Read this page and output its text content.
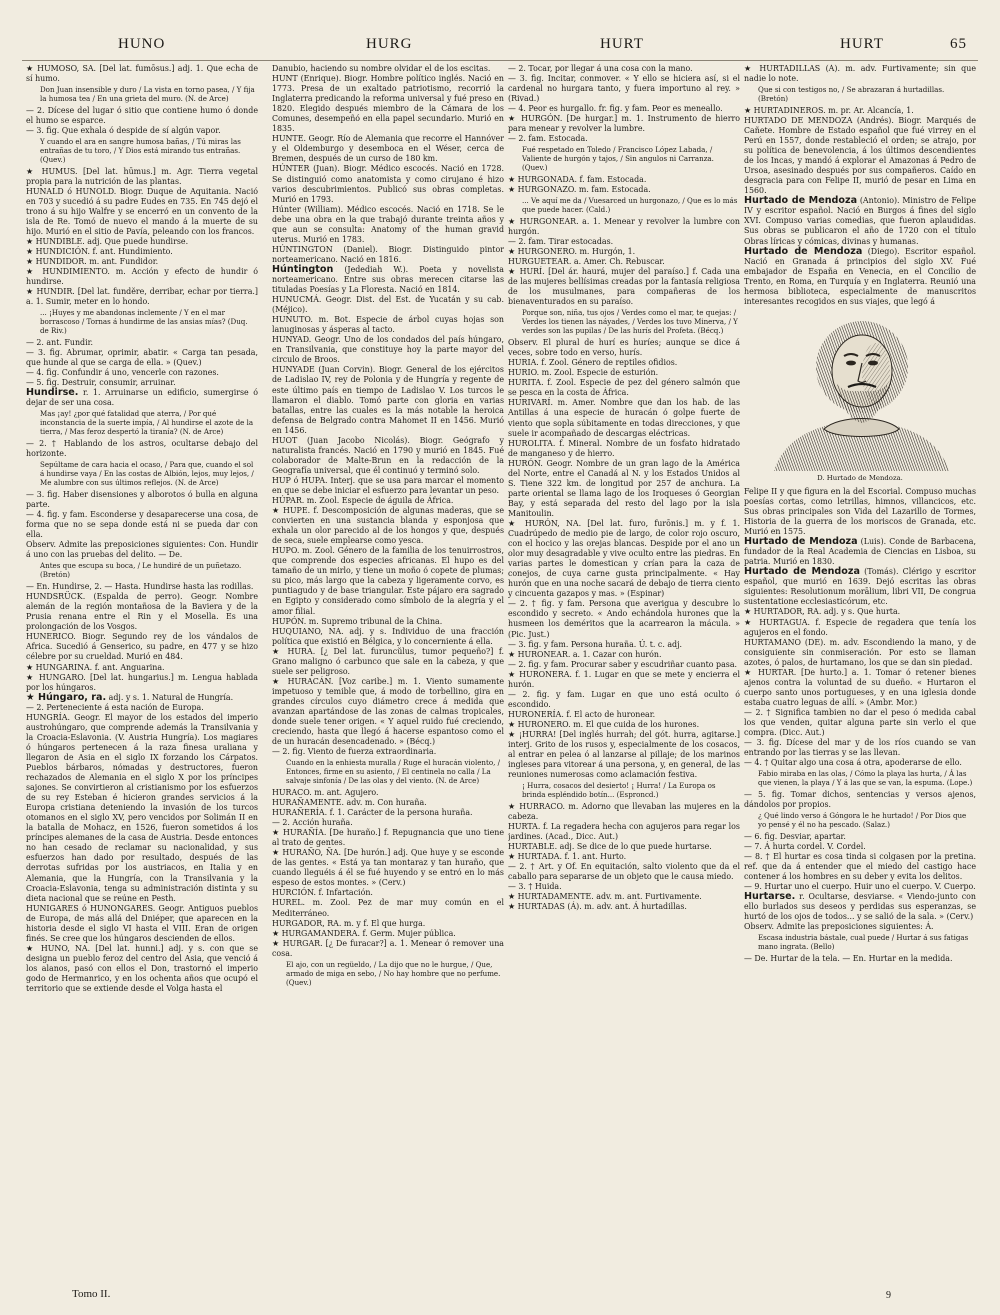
HUNO	HURG	HURT	HURT	65

★ HUMOSO, SA. [Del lat. fumōsus.] adj. 1. Que echa de sí humo.

Don Juan insensible y duro / La vista en torno pasea, / Y fija la humosa tea / En una grieta del muro. (N. de Arce)

— 2. Dícese del lugar ó sitio que contiene humo ó donde el humo se esparce.

— 3. fig. Que exhala ó despide de sí algún vapor.

Y cuando el ara en sangre humosa bañas, / Tú miras las entrañas de tu toro, / Y Dios está mirando tus entrañas. (Quev.)

★ HUMUS. [Del lat. hūmus.] m. Agr. Tierra vegetal propia para la nutrición de las plantas.

HUNALD ó HUNOLD. Biogr. Duque de Aquitania. Nació en 703 y sucedió á su padre Eudes en 735. En 745 dejó el trono á su hijo Walfre y se encerró en un convento de la isla de Re. Tomó de nuevo el mando á la muerte de su hijo. Murió en el sitio de Pavía, peleando con los francos.

★ HUNDIBLE. adj. Que puede hundirse.

★ HUNDICIÓN. f. ant. Hundimiento.

★ HUNDIDOR. m. ant. Fundidor.

★ HUNDIMIENTO. m. Acción y efecto de hundir ó hundirse.

★ HUNDIR. [Del lat. fundĕre, derribar, echar por tierra.] a. 1. Sumir, meter en lo hondo.

... ¡Huyes y me abandonas inclemente / Y en el mar borrascoso / Tornas á hundirme de las ansias mías? (Duq. de Riv.)

— 2. ant. Fundir.

— 3. fig. Abrumar, oprimir, abatir. « Carga tan pesada, que hunde al que se carga de ella. » (Quev.)

— 4. fig. Confundir á uno, vencerle con razones.

— 5. fig. Destruir, consumir, arruinar.

Hundirse. r. 1. Arruinarse un edificio, sumergirse ó dejar de ser una cosa.

Mas ¡ay! ¿por qué fatalidad que aterra, / Por qué inconstancia de la suerte impía, / Al hundirse el azote de la tierra, / Mas feroz despertó la tiranía? (N. de Arce)

— 2. † Hablando de los astros, ocultarse debajo del horizonte.

Sepúltame de cara hacia el ocaso, / Para que, cuando el sol á hundirse vaya / En las costas de Albión, lejos, muy lejos, / Me alumbre con sus últimos reflejos. (N. de Arce)

— 3. fig. Haber disensiones y alborotos ó bulla en alguna parte.

— 4. fig. y fam. Esconderse y desaparecerse una cosa, de forma que no se sepa donde está ni se pueda dar con ella.

Observ. Admite las preposiciones siguientes: Con. Hundir á uno con las pruebas del delito. — De.

Antes que escupa su boca, / Le hundiré de un puñetazo. (Bretón)

— En. Hundirse, 2. — Hasta. Hundirse hasta las rodillas.

HUNDSRÜCK. (Espalda de perro). Geogr. Nombre alemán de la región montañosa de la Baviera y de la Prusia renana entre el Rin y el Mosella. Es una prolongación de los Vosgos.

HUNERICO. Biogr. Segundo rey de los vándalos de Africa. Sucedió á Genserico, su padre, en 477 y se hizo célebre por su crueldad. Murió en 484.

★ HUNGARINA. f. ant. Anguarina.

★ HUNGARO. [Del lat. hungarius.] m. Lengua hablada por los húngaros.

★ Húngaro, ra. adj. y s. 1. Natural de Hungría.

— 2. Perteneciente á esta nación de Europa.

HUNGRÍA. Geogr. El mayor de los estados del imperio austrohúngaro, que comprende además la Transilvania y la Croacia-Eslavonia. (V. Austria Hungría). Los magiares ó húngaros pertenecen á la raza finesa uraliana y llegaron de Asia en el siglo IX forzando los Cárpatos. Pueblos bárbaros, nómadas y destructores, fueron rechazados de Alemania en el siglo X por los príncipes sajones. Se convirtieron al cristianismo por los esfuerzos de su rey Esteban é hicieron grandes servicios á la Europa cristiana deteniendo la invasión de los turcos otomanos en el siglo XV, pero vencidos por Solimán II en la batalla de Mohacz, en 1526, fueron sometidos á los príncipes alemanes de la casa de Austria. Desde entonces no han cesado de reclamar su nacionalidad, y sus esfuerzos han dado por resultado, después de las derrotas sufridas por los austriacos, en Italia y en Alemania, que la Hungría, con la Transilvania y la Croacia-Eslavonia, tenga su administración distinta y su dieta nacional que se reúne en Pesth.

HUNIGARES ó HUNONGARES. Geogr. Antiguos pueblos de Europa, de más allá del Dniéper, que aparecen en la historia desde el siglo VI hasta el VIII. Eran de origen finés. Se cree que los húngaros descienden de ellos.

★ HUNO, NA. [Del lat. hunni.] adj. y s. con que se designa un pueblo feroz del centro del Asia, que venció á los alanos, pasó con ellos el Don, trastornó el imperio godo de Hermanrico, y en los ochenta años que ocupó el territorio que se extiende desde el Volga hasta el

Danubio, haciendo su nombre olvidar el de los escitas.

HUNT (Enrique). Biogr. Hombre político inglés. Nació en 1773. Presa de un exaltado patriotismo, recorrió la Inglaterra predicando la reforma universal y fué preso en 1820. Elegido después miembro de la Cámara de los Comunes, desempeñó en ella papel secundario. Murió en 1835.

HUNTE. Geogr. Río de Alemania que recorre el Hannóver y el Oldemburgo y desemboca en el Wéser, cerca de Bremen, después de un curso de 180 km.

HÚNTER (Juan). Biogr. Médico escocés. Nació en 1728. Se distinguió como anatomista y como cirujano é hizo varios descubrimientos. Publicó sus obras completas. Murió en 1793.

Húnter (William). Médico escocés. Nació en 1718. Se le debe una obra en la que trabajó durante treinta años y que aun se consulta: Anatomy of the human gravid uterus. Murió en 1783.

HÚNTINGTON (Daniel). Biogr. Distinguido pintor norteamericano. Nació en 1816.

Húntington (Jedediah W.). Poeta y novelista norteamericano. Entre sus obras merecen citarse las tituladas Poesías y La Floresta. Nació en 1814.

HUNUCMÁ. Geogr. Dist. del Est. de Yucatán y su cab. (Méjico).

HUNUTO. m. Bot. Especie de árbol cuyas hojas son lanuginosas y ásperas al tacto.

HUNYAD. Geogr. Uno de los condados del país húngaro, en Transilvania, que constituye hoy la parte mayor del circulo de Broos.

HUNYADE (Juan Corvin). Biogr. General de los ejércitos de Ladislao IV, rey de Polonia y de Hungría y regente de este último país en tiempo de Ladislao V. Los turcos le llamaron el diablo. Tomó parte con gloria en varias batallas, entre las cuales es la más notable la heroica defensa de Belgrado contra Mahomet II en 1456. Murió en 1456.

HUOT (Juan Jacobo Nicolás). Biogr. Geógrafo y naturalista francés. Nació en 1790 y murió en 1845. Fué colaborador de Malte-Brun en la redacción de la Geografía universal, que él continuó y terminó solo.

HUP ó HUPA. Interj. que se usa para marcar el momento en que se debe iniciar el esfuerzo para levantar un peso.

HÚPAR. m. Zool. Especie de águila de África.

★ HUPE. f. Descomposición de algunas maderas, que se convierten en una sustancia blanda y esponjosa que exhala un olor parecido al de los hongos y que, después de seca, suele emplearse como yesca.

HUPO. m. Zool. Género de la familia de los tenuirrostros, que comprende dos especies africanas. El hupo es del tamaño de un mirlo, y tiene un moño ó copete de plumas; su pico, más largo que la cabeza y ligeramente corvo, es puntiagudo y de base triangular. Este pájaro era sagrado en Egipto y considerado como símbolo de la alegría y el amor filial.

HUPÓN. m. Supremo tribunal de la China.

HUQUIANO, NA. adj. y s. Individuo de una fracción política que existió en Bélgica, y lo concerniente á ella.

★ HURA. [¿ Del lat. furuncŭlus, tumor pequeño?] f. Grano maligno ó carbunco que sale en la cabeza, y que suele ser peligroso.

★ HURACÁN. [Voz caribe.] m. 1. Viento sumamente impetuoso y temible que, á modo de torbellino, gira en grandes círculos cuyo diámetro crece á medida que avanzan apartándose de las zonas de calmas tropicales, donde suele tener origen. « Y aquel ruido fué creciendo, creciendo, hasta que llegó á hacerse espantoso como el de un huracán desencadenado. » (Bécq.)

— 2. fig. Viento de fuerza extraordinaria.

Cuando en la enhiesta muralla / Ruge el huracán violento, / Entonces, firme en su asiento, / El centinela no calla / La salvaje sinfonía / De las olas y del viento. (N. de Arce)

HURACO. m. ant. Agujero.

HURAÑAMENTE. adv. m. Con huraña.

HURAÑERÍA. f. 1. Carácter de la persona huraña.

— 2. Acción huraña.

★ HURAÑÍA. [De huraño.] f. Repugnancia que uno tiene al trato de gentes.

★ HURAÑO, ÑA. [De hurón.] adj. Que huye y se esconde de las gentes. « Está ya tan montaraz y tan huraño, que cuando lleguéis á él se fué huyendo y se entró en lo más espeso de estos montes. » (Cerv.)

HURCIÓN. f. Infartación.

HUREL. m. Zool. Pez de mar muy común en el Mediterráneo.

HURGADOR, RA. m. y f. El que hurga.

★ HURGAMANDERA. f. Germ. Mujer pública.

★ HURGAR. [¿ De furacar?] a. 1. Menear ó remover una cosa.

El ajo, con un regüeldo, / La dijo que no le hurgue, / Que, armado de miga en sebo, / No hay hombre que no perfume. (Quev.)

— 2. Tocar, por llegar á una cosa con la mano.

— 3. fig. Incitar, conmover. « Y ello se hiciera así, si el cardenal no hurgara tanto, y fuera importuno al rey. » (Rivad.)

— 4. Peor es hurgallo. fr. fig. y fam. Peor es meneallo.

★ HURGÓN. [De hurgar.] m. 1. Instrumento de hierro para menear y revolver la lumbre.

— 2. fam. Estocada.

Fué respetado en Toledo / Francisco López Labada, / Valiente de hurgón y tajos, / Sin angulos ni Carranza. (Quev.)

★ HURGONADA. f. fam. Estocada.

★ HURGONAZO. m. fam. Estocada.

... Ve aquí me da / Vuesarced un hurgonazo, / Que es lo más que puede hacer. (Cald.)

★ HURGONEAR. a. 1. Menear y revolver la lumbre con hurgón.

— 2. fam. Tirar estocadas.

★ HURGONERO. m. Hurgón, 1.

HURGUETEAR. a. Amer. Ch. Rebuscar.

★ HURÍ. [Del ár. haurá, mujer del paraíso.] f. Cada una de las mujeres bellísimas creadas por la fantasía religiosa de los musulmanes, para compañeras de los bienaventurados en su paraíso.

Porque son, niña, tus ojos / Verdes como el mar, te quejas: / Verdes los tienen las náyades, / Verdes los tuvo Minerva, / Y verdes son las pupilas / De las hurís del Profeta. (Bécq.)

Observ. El plural de hurí es huríes; aunque se dice á veces, sobre todo en verso, hurís.

HURIA. f. Zool. Género de reptiles ofidios.

HURIO. m. Zool. Especie de esturión.

HURITA. f. Zool. Especie de pez del género salmón que se pesca en la costa de África.

HURIVARÍ. m. Amer. Nombre que dan los hab. de las Antillas á una especie de huracán ó golpe fuerte de viento que sopla súbitamente en todas direcciones, y que suele ir acompañado de descargas eléctricas.

HUROLITA. f. Mineral. Nombre de un fosfato hidratado de manganeso y de hierro.

HURÓN. Geogr. Nombre de un gran lago de la América del Norte, entre el Canadá al N. y los Estados Unidos al S. Tiene 322 km. de longitud por 257 de anchura. La parte oriental se llama lago de los Iroqueses ó Georgian Bay, y está separada del resto del lago por la isla Manitoulin.

★ HURÓN, NA. [Del lat. furo, furōnis.] m. y f. 1. Cuadrúpedo de medio pie de largo, de color rojo oscuro, con el hocico y las orejas blancas. Despide por el ano un olor muy desagradable y vive oculto entre las piedras. En varias partes le domestican y crían para la caza de conejos, de cuya carne gusta principalmente. « Hay hurón que en una noche sacará de debajo de tierra ciento y cincuenta gazapos y mas. » (Espinar)

— 2. † fig. y fam. Persona que averigua y descubre lo escondido y secreto. « Ando echándola hurones que la husmeen los deméritos que la acarrearon la mácula. » (Pic. Just.)

— 3. fig. y fam. Persona huraña. Ú. t. c. adj.

★ HURONEAR. a. 1. Cazar con hurón.

— 2. fig. y fam. Procurar saber y escudriñar cuanto pasa.

★ HURONERA. f. 1. Lugar en que se mete y encierra el hurón.

— 2. fig. y fam. Lugar en que uno está oculto ó escondido.

HURONERÍA. f. El acto de huronear.

★ HURONERO. m. El que cuida de los hurones.

★ ¡HURRA! [Del inglés hurrah; del gót. hurra, agitarse.] interj. Grito de los rusos y, especialmente de los cosacos, al entrar en pelea ó al lanzarse al pillaje; de los marinos ingleses para vitorear á una persona, y, en general, de las reuniones numerosas como aclamación festiva.

¡ Hurra, cosacos del desierto! ¡ Hurra! / La Europa os brinda espléndido botín... (Esproncd.)

★ HURRACO. m. Adorno que llevaban las mujeres en la cabeza.

HURTA. f. La regadera hecha con agujeros para regar los jardines. (Acad., Dicc. Aut.)

HURTABLE. adj. Se dice de lo que puede hurtarse.

★ HURTADA. f. 1. ant. Hurto.

— 2. † Art. y Of. En equitación, salto violento que da el caballo para separarse de un objeto que le causa miedo.

— 3. † Huida.

★ HURTADAMENTE. adv. m. ant. Furtivamente.

★ HURTADAS (Á). m. adv. ant. Á hurtadillas.

★ HURTADILLAS (Á). m. adv. Furtivamente; sin que nadie lo note.

Que si con testigos no, / Se abrazaran á hurtadillas. (Bretón)

★ HURTADINEROS. m. pr. Ar. Alcancía, 1.

HURTADO DE MENDOZA (Andrés). Biogr. Marqués de Cañete. Hombre de Estado español que fué virrey en el Perú en 1557, donde restableció el orden; se atrajo, por su política de benevolencia, á los últimos descendientes de los Incas, y mandó á explorar el Amazonas á Pedro de Ursoa, asesinado después por sus compañeros. Caído en desgracia para con Felipe II, murió de pesar en Lima en 1560.

Hurtado de Mendoza (Antonio). Ministro de Felipe IV y escritor español. Nació en Burgos á fines del siglo XVI. Compuso varias comedias, que fueron aplaudidas. Sus obras se publicaron el año de 1720 con el título Obras líricas y cómicas, divinas y humanas.

Hurtado de Mendoza (Diego). Escritor español. Nació en Granada á principios del siglo XV. Fué embajador de España en Venecia, en el Concilio de Trento, en Roma, en Turquía y en Inglaterra. Reunió una hermosa biblioteca, especialmente de manuscritos interesantes recogidos en sus viajes, que legó á

D. Hurtado de Mendoza.

Felipe II y que figura en la del Escorial. Compuso muchas poesías cortas, como letrillas, himnos, villancicos, etc. Sus obras principales son Vida del Lazarillo de Tormes, Historia de la guerra de los moriscos de Granada, etc. Murió en 1575.

Hurtado de Mendoza (Luis). Conde de Barbacena, fundador de la Real Academia de Ciencias en Lisboa, su patria. Murió en 1830.

Hurtado de Mendoza (Tomás). Clérigo y escritor español, que murió en 1639. Dejó escritas las obras siguientes: Resolutionum morālium, libri VII, De congrua sustentatione ecclesiasticórum, etc.

★ HURTADOR, RA. adj. y s. Que hurta.

★ HURTAGUA. f. Especie de regadera que tenía los agujeros en el fondo.

HURTAMANO (DE). m. adv. Escondiendo la mano, y de consiguiente sin conmiseración. Por esto se llaman azotes, ó palos, de hurtamano, los que se dan sin piedad.

★ HURTAR. [De hurto.] a. 1. Tomar ó retener bienes ajenos contra la voluntad de su dueño. « Hurtaron el cuerpo santo unos portugueses, y en una iglesia donde estaba cuatro leguas de allí. » (Ambr. Mor.)

— 2. † Significa tambien no dar el peso ó medida cabal los que venden, quitar alguna parte sin verlo el que compra. (Dicc. Aut.)

— 3. fig. Dícese del mar y de los ríos cuando se van entrando por las tierras y se las llevan.

— 4. † Quitar algo una cosa á otra, apoderarse de ello.

Fabio miraba en las olas, / Cómo la playa las hurta, / Á las que vienen, la playa / Y á las que se van, la espuma. (Lope.)

— 5. fig. Tomar dichos, sentencias y versos ajenos, dándolos por propios.

¿ Qué lindo verso á Góngora le he hurtado! / Por Dios que yo pensé y él no ha pescado. (Salaz.)

— 6. fig. Desviar, apartar.

— 7. Á hurta cordel. V. Cordel.

— 8. † El hurtar es cosa tinda si colgasen por la pretina. ref. que da á entender que el miedo del castigo hace contener á los hombres en su deber y evita los delitos.

— 9. Hurtar uno el cuerpo. Huir uno el cuerpo. V. Cuerpo.

Hurtarse. r. Ocultarse, desviarse. « Viendo-junto con ello burlados sus deseos y perdidas sus esperanzas, se hurtó de los ojos de todos... y se salió de la sala. » (Cerv.)

Observ. Admite las preposiciones siguientes: Á.

Escasa industria bástale, cual puede / Hurtar á sus fatigas mano ingrata. (Bello)

— De. Hurtar de la tela. — En. Hurtar en la medida.

Tomo II.	9
